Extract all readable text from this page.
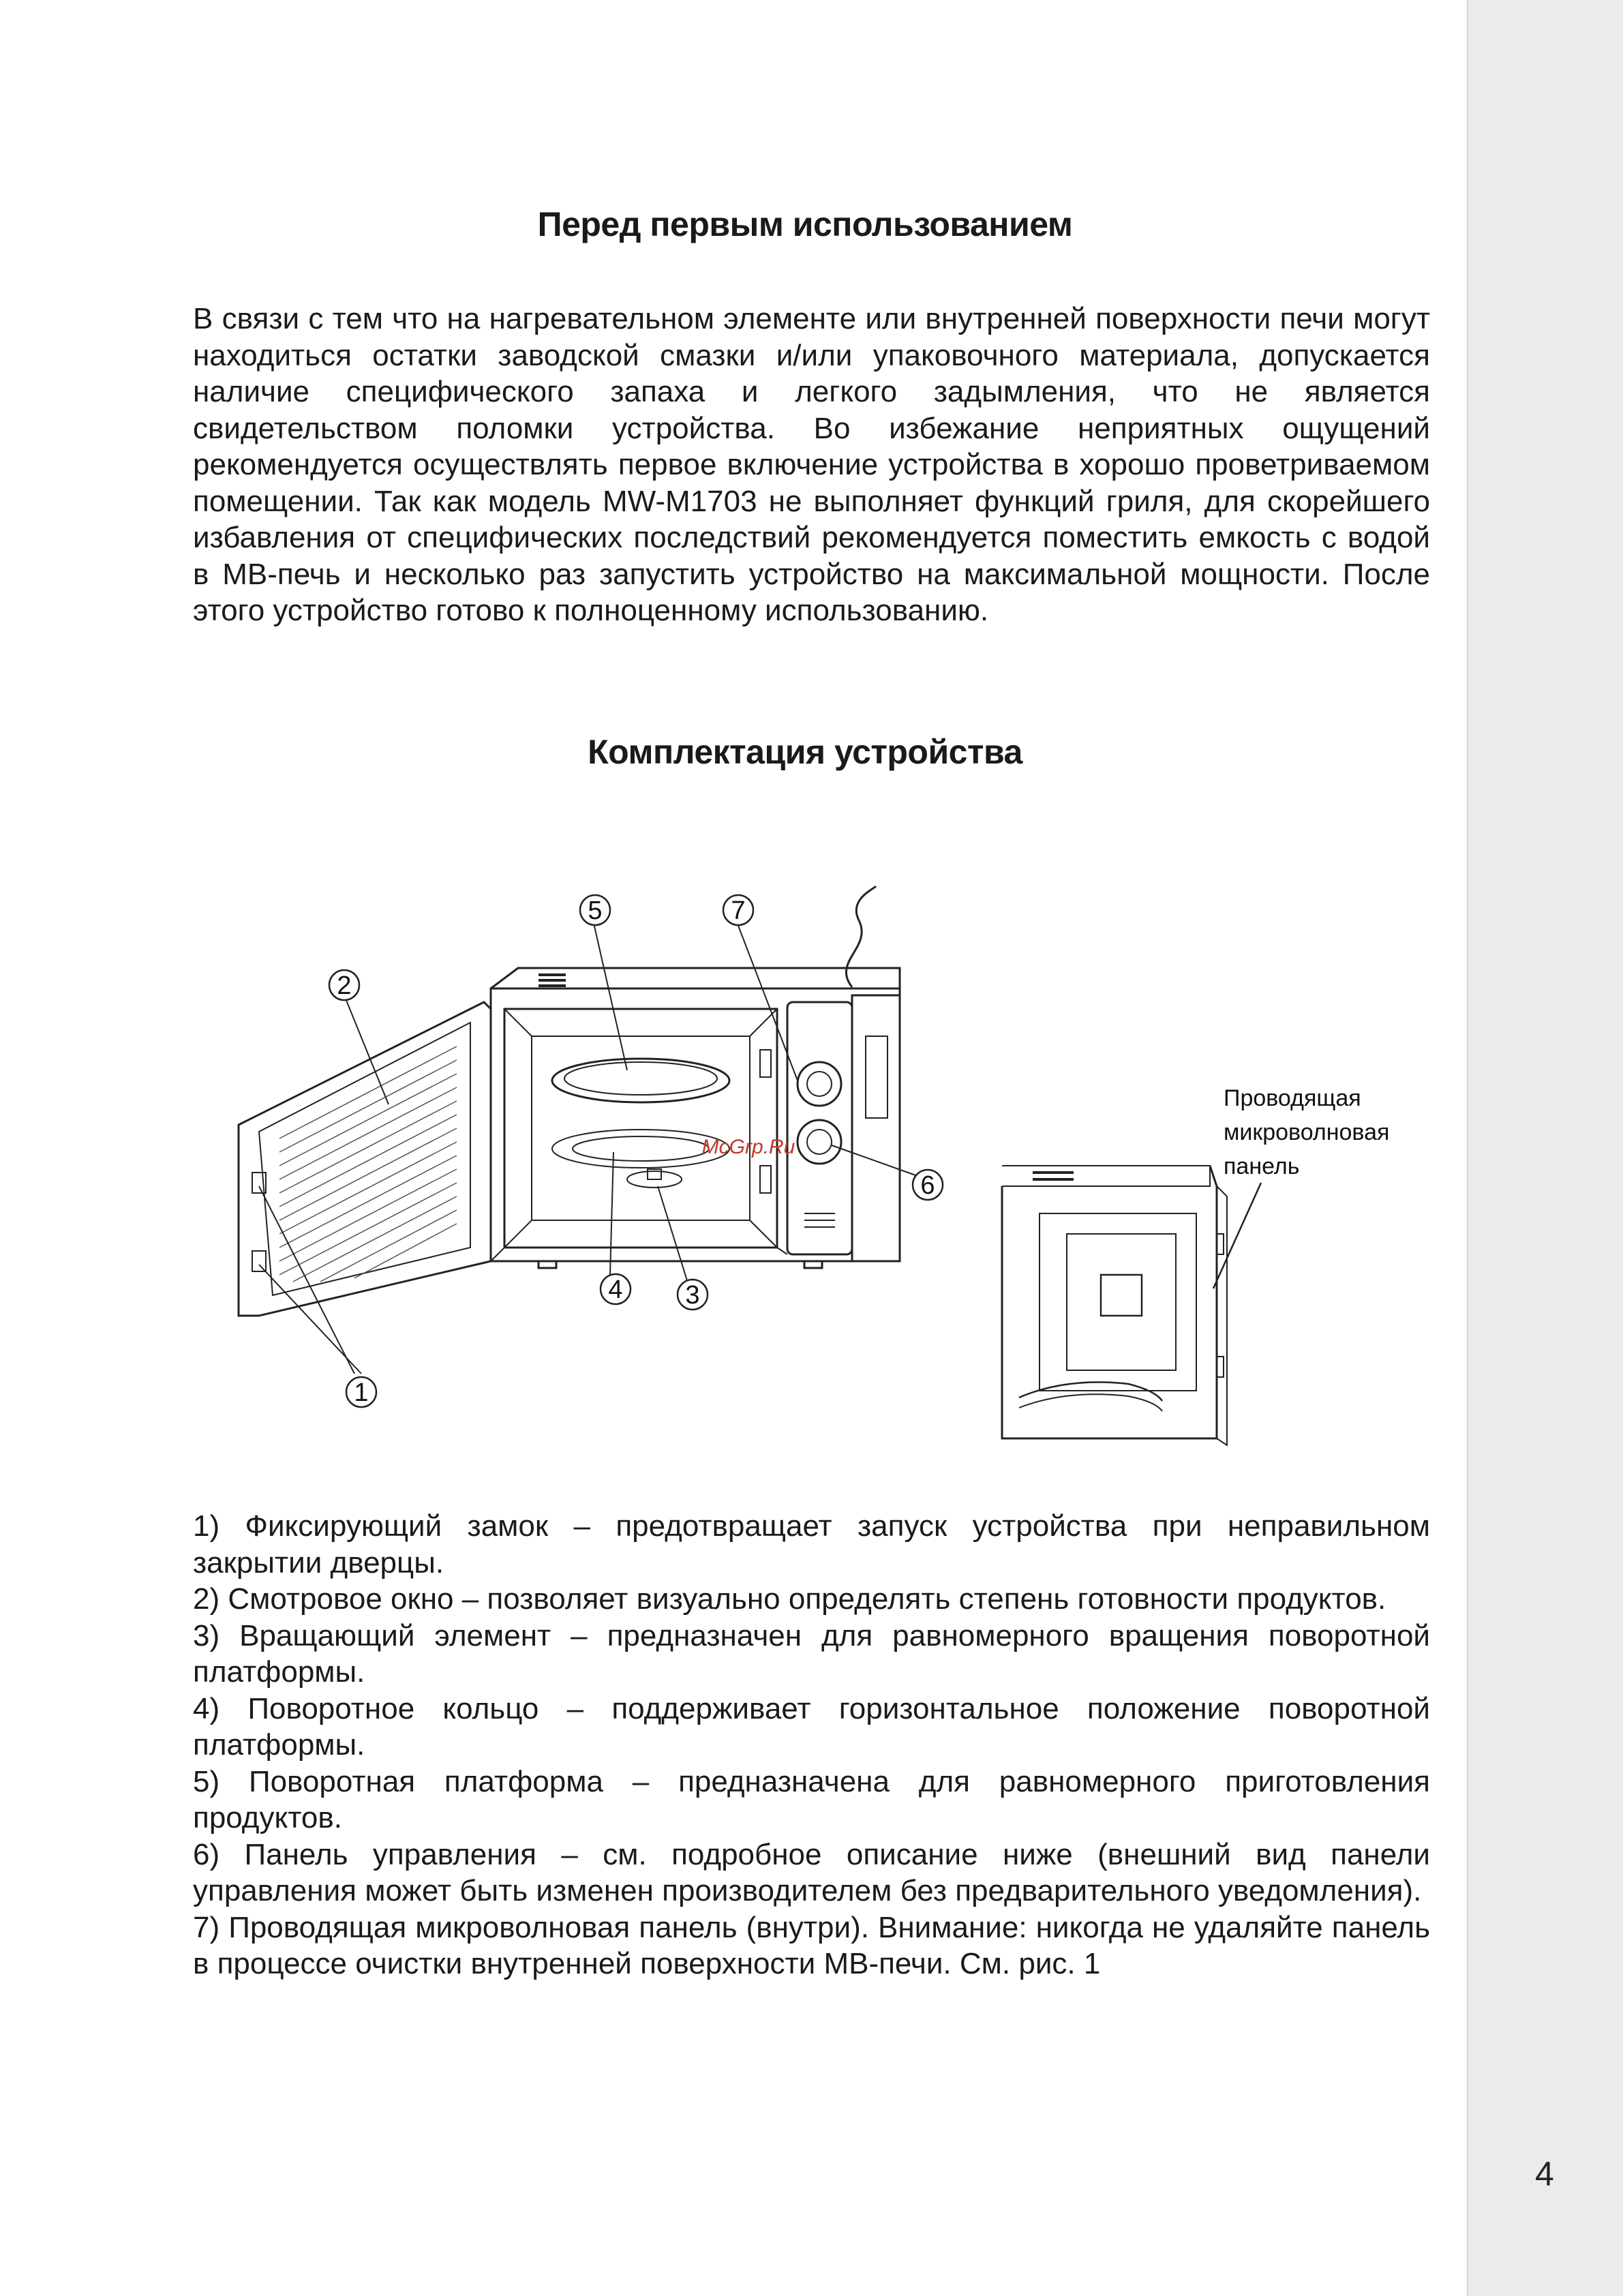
Перед первым использованием

В связи с тем что на нагревательном элементе или внутренней поверхности печи могут находиться остатки заводской смазки и/или упаковочного материала, допускается наличие специфического запаха и легкого задымления, что не является свидетельством поломки устройства. Во избежание неприятных ощущений рекомендуется осуществлять первое включение устройства в хорошо проветриваемом помещении. Так как модель MW-M1703 не выполняет функций гриля, для скорейшего избавления от специфических последствий рекомендуется поместить емкость с водой в МВ-печь и несколько раз запустить устройство на максимальной мощности. После этого устройство готово к полноценному использованию.

Комплектация устройства
5	7
2
6
4 3
1
McGrp.Ru
Проводящая
микроволновая
панель

1) Фиксирующий замок – предотвращает запуск устройства при неправильном закрытии дверцы.

2) Смотровое окно – позволяет визуально определять степень готовности продуктов.

3) Вращающий элемент – предназначен для равномерного вращения поворотной платформы.

4) Поворотное кольцо – поддерживает горизонтальное положение поворотной платформы.

5) Поворотная платформа – предназначена для равномерного приготовления продуктов.

6) Панель управления – см. подробное описание ниже (внешний вид панели управления может быть изменен производителем без предварительного уведомления).

7) Проводящая микроволновая панель (внутри). Внимание: никогда не удаляйте панель в процессе очистки внутренней поверхности МВ-печи. См. рис. 1

4
